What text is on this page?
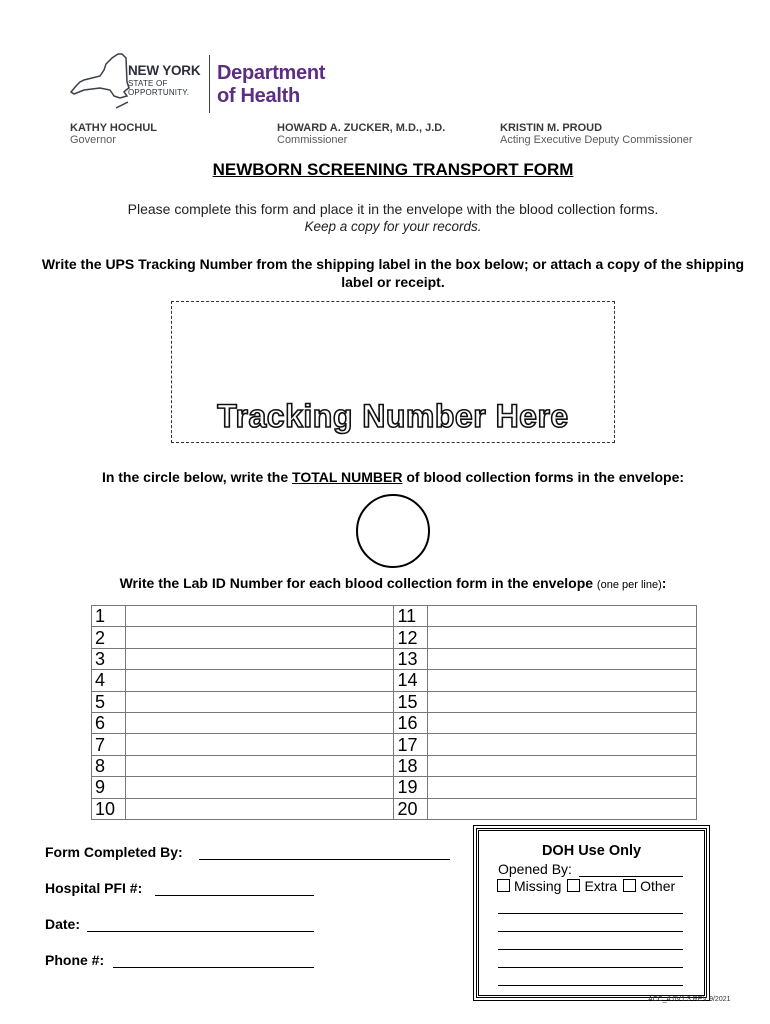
NEW YORK
STATE OF
OPPORTUNITY.
Department
of Health
KATHY HOCHUL
Governor
HOWARD A. ZUCKER, M.D., J.D.
Commissioner
KRISTIN M. PROUD
Acting Executive Deputy Commissioner
NEWBORN SCREENING TRANSPORT FORM
Please complete this form and place it in the envelope with the blood collection forms.
Keep a copy for your records.
Write the UPS Tracking Number from the shipping label in the box below; or attach a copy of the shipping label or receipt.
Tracking Number Here
In the circle below, write the TOTAL NUMBER of blood collection forms in the envelope:
Write the Lab ID Number for each blood collection form in the envelope (one per line):
1		11	
2		12	
3		13	
4		14	
5		15	
6		16	
7		17	
8		18	
9		19	
10		20	
Form Completed By:
Hospital PFI #:
Date:
Phone #:
DOH Use Only
Opened By:
Missing	Extra	Other
ACC_4.0V1.3 REV 9/2021
